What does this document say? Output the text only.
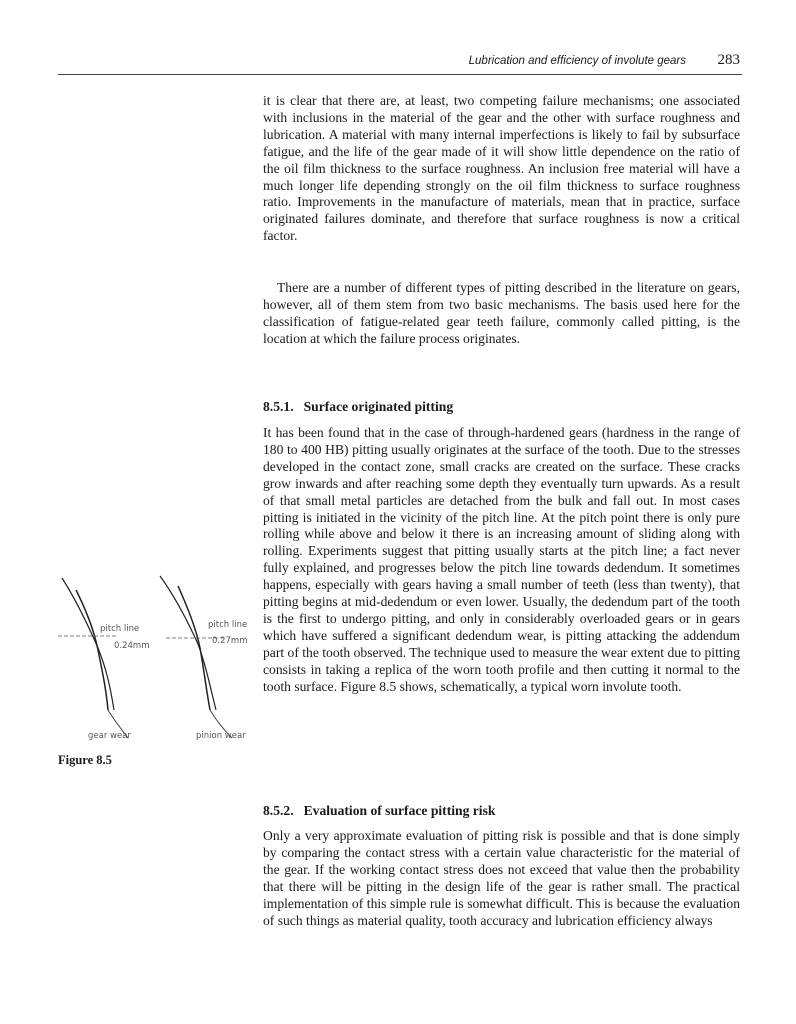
Lubrication and efficiency of involute gears 283

it is clear that there are, at least, two competing failure mechanisms; one associated with inclusions in the material of the gear and the other with surface roughness and lubrication. A material with many internal imperfections is likely to fail by subsurface fatigue, and the life of the gear made of it will show little dependence on the ratio of the oil film thickness to the surface roughness. An inclusion free material will have a much longer life depending strongly on the oil film thickness to surface roughness ratio. Improvements in the manufacture of materials, mean that in practice, surface originated failures dominate, and therefore that surface roughness is now a critical factor.

There are a number of different types of pitting described in the literature on gears, however, all of them stem from two basic mechanisms. The basis used here for the classification of fatigue-related gear teeth failure, commonly called pitting, is the location at which the failure process originates.

8.5.1. Surface originated pitting

It has been found that in the case of through-hardened gears (hardness in the range of 180 to 400 HB) pitting usually originates at the surface of the tooth. Due to the stresses developed in the contact zone, small cracks are created on the surface. These cracks grow inwards and after reaching some depth they eventually turn upwards. As a result of that small metal particles are detached from the bulk and fall out. In most cases pitting is initiated in the vicinity of the pitch line. At the pitch point there is only pure rolling while above and below it there is an increasing amount of sliding along with rolling. Experiments suggest that pitting usually starts at the pitch line; a fact never fully explained, and progresses below the pitch line towards dedendum. It sometimes happens, especially with gears having a small number of teeth (less than twenty), that pitting begins at mid-dedendum or even lower. Usually, the dedendum part of the tooth is the first to undergo pitting, and only in considerably overloaded gears or in gears which have suffered a significant dedendum wear, is pitting attacking the addendum part of the tooth observed. The technique used to measure the wear extent due to pitting consists in taking a replica of the worn tooth profile and then cutting it normal to the tooth surface. Figure 8.5 shows, schematically, a typical worn involute tooth.

pitch line
0.24mm
gear wear
pitch line
0.27mm
pinion wear
Figure 8.5
8.5.2. Evaluation of surface pitting risk

Only a very approximate evaluation of pitting risk is possible and that is done simply by comparing the contact stress with a certain value characteristic for the material of the gear. If the working contact stress does not exceed that value then the probability that there will be pitting in the design life of the gear is rather small. The practical implementation of this simple rule is somewhat difficult. This is because the evaluation of such things as material quality, tooth accuracy and lubrication efficiency always
